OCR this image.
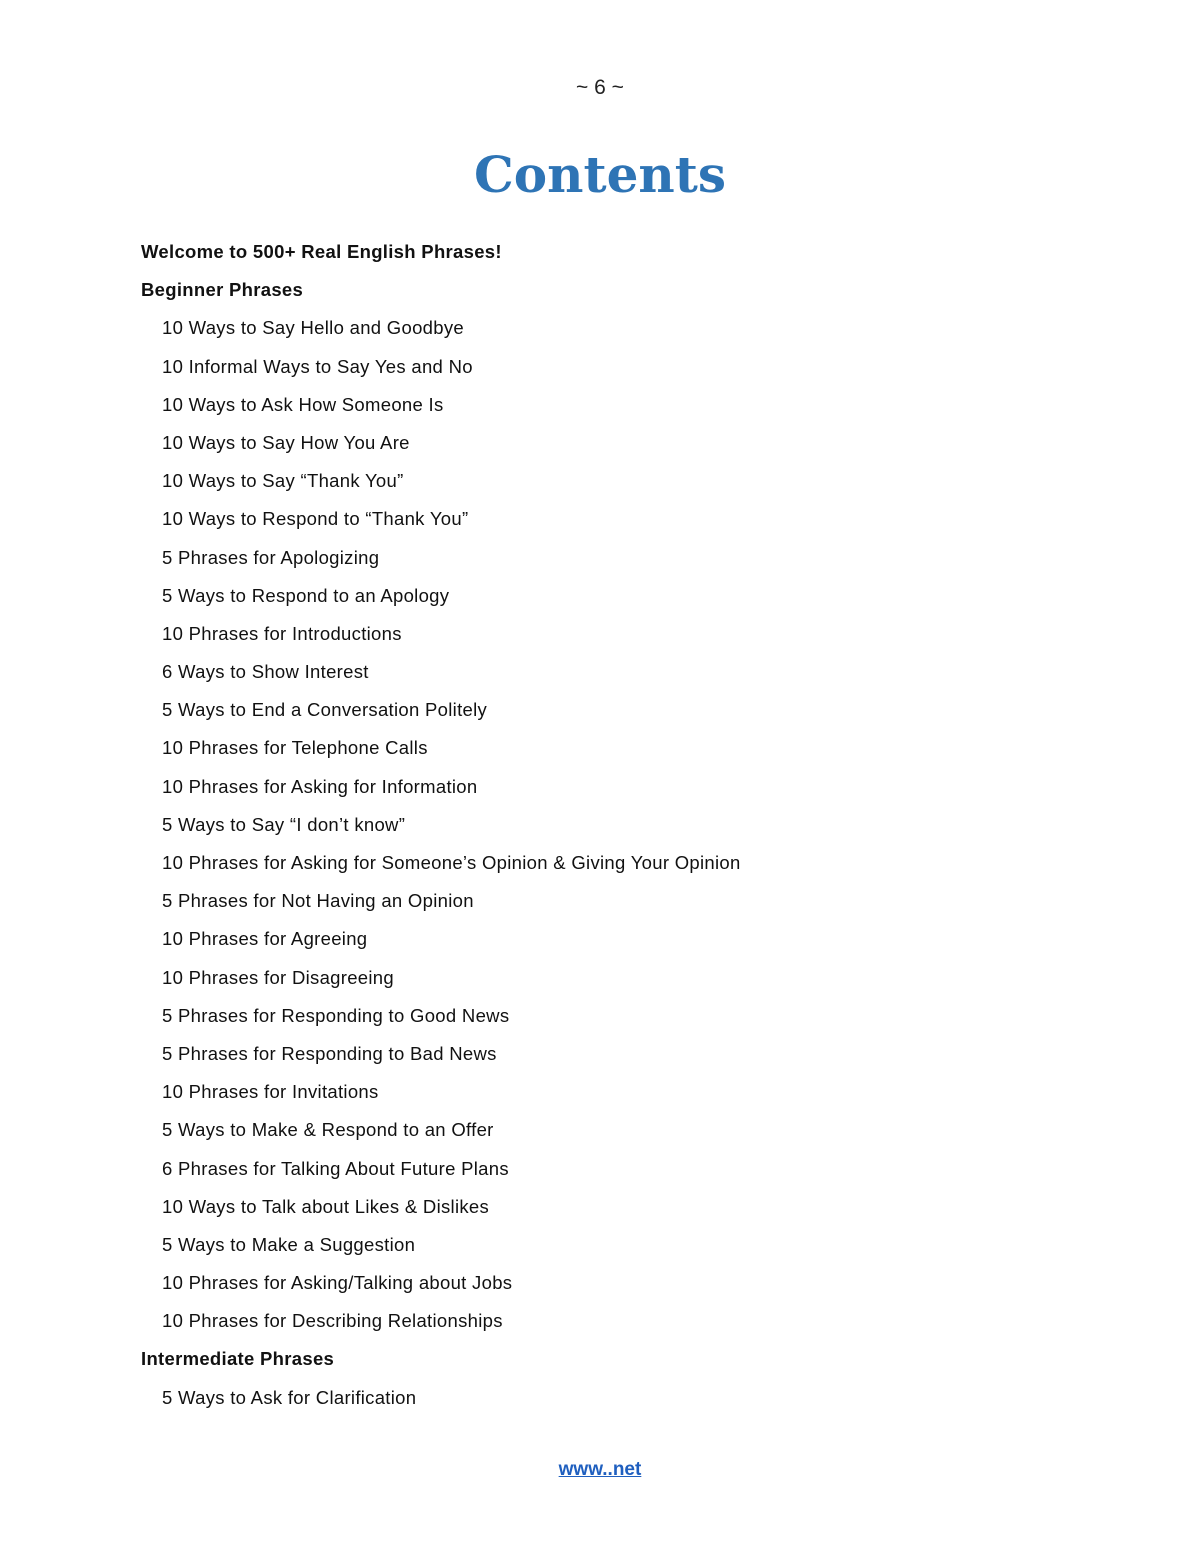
~ 6 ~
Contents
Welcome to 500+ Real English Phrases!
Beginner Phrases
10 Ways to Say Hello and Goodbye
10 Informal Ways to Say Yes and No
10 Ways to Ask How Someone Is
10 Ways to Say How You Are
10 Ways to Say “Thank You”
10 Ways to Respond to “Thank You”
5 Phrases for Apologizing
5 Ways to Respond to an Apology
10 Phrases for Introductions
6 Ways to Show Interest
5 Ways to End a Conversation Politely
10 Phrases for Telephone Calls
10 Phrases for Asking for Information
5 Ways to Say “I don’t know”
10 Phrases for Asking for Someone’s Opinion & Giving Your Opinion
5 Phrases for Not Having an Opinion
10 Phrases for Agreeing
10 Phrases for Disagreeing
5 Phrases for Responding to Good News
5 Phrases for Responding to Bad News
10 Phrases for Invitations
5 Ways to Make & Respond to an Offer
6 Phrases for Talking About Future Plans
10 Ways to Talk about Likes & Dislikes
5 Ways to Make a Suggestion
10 Phrases for Asking/Talking about Jobs
10 Phrases for Describing Relationships
Intermediate Phrases
5 Ways to Ask for Clarification
www..net
